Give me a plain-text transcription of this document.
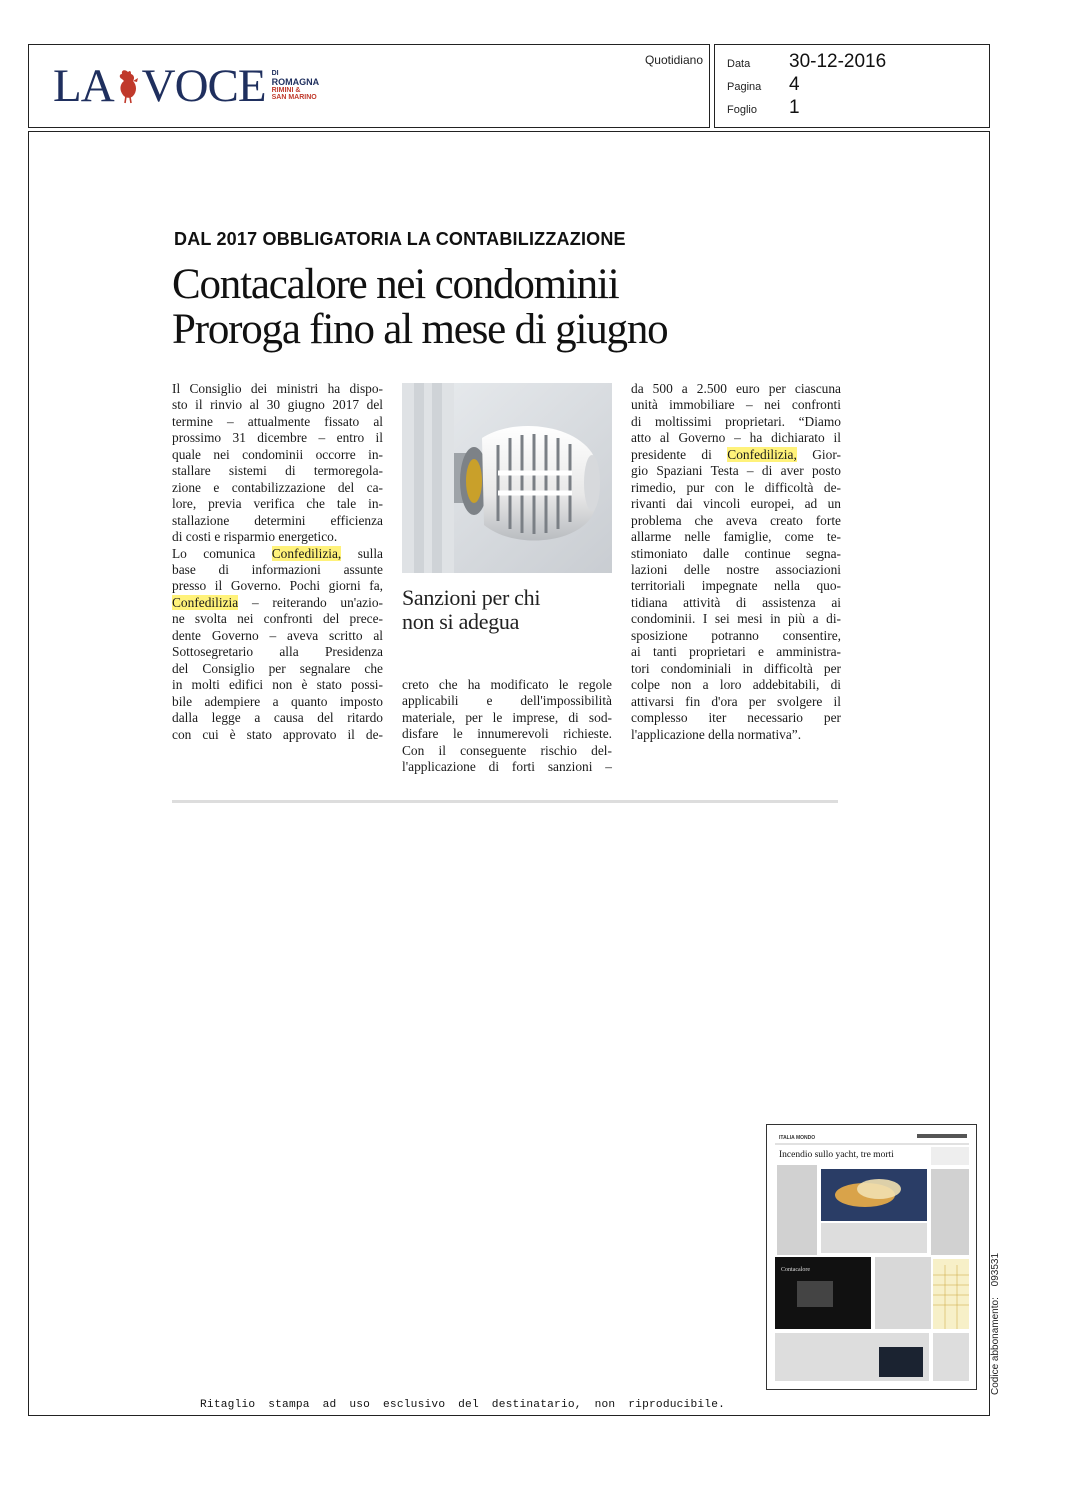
LA VOCE DI
ROMAGNA
RIMINI &
SAN MARINO
Quotidiano Data	30-12-2016
Pagina	4
Foglio	1
DAL 2017 OBBLIGATORIA LA CONTABILIZZAZIONE
Contacalore nei condominii
Proroga fino al mese di giugno
Il Consiglio dei ministri ha dispo-
sto il rinvio al 30 giugno 2017 del
termine – attualmente fissato al
prossimo 31 dicembre – entro il
quale nei condominii occorre in-
stallare sistemi di termoregola-
zione e contabilizzazione del ca-
lore, previa verifica che tale in-
stallazione determini efficienza
di costi e risparmio energetico.
Lo comunica Confedilizia, sulla
base di informazioni assunte
presso il Governo. Pochi giorni fa,
Confedilizia – reiterando un'azio-
ne svolta nei confronti del prece-
dente Governo – aveva scritto al
Sottosegretario alla Presidenza
del Consiglio per segnalare che
in molti edifici non è stato possi-
bile adempiere a quanto imposto
dalla legge a causa del ritardo
con cui è stato approvato il de-
Sanzioni per chi
non si adegua
creto che ha modificato le regole
applicabili e dell'impossibilità
materiale, per le imprese, di sod-
disfare le innumerevoli richieste.
Con il conseguente rischio del-
l'applicazione di forti sanzioni –
da 500 a 2.500 euro per ciascuna
unità immobiliare – nei confronti
di moltissimi proprietari. “Diamo
atto al Governo – ha dichiarato il
presidente di Confedilizia, Gior-
gio Spaziani Testa – di aver posto
rimedio, pur con le difficoltà de-
rivanti dai vincoli europei, ad un
problema che aveva creato forte
allarme nelle famiglie, come te-
stimoniato dalle continue segna-
lazioni delle nostre associazioni
territoriali impegnate nella quo-
tidiana attività di assistenza ai
condominii. I sei mesi in più a di-
sposizione potranno consentire,
ai tanti proprietari e amministra-
tori condominiali in difficoltà per
colpe non a loro addebitabili, di
attivarsi fin d'ora per svolgere il
complesso iter necessario per
l'applicazione della normativa”.
ITALIA MONDO
Incendio sullo yacht, tre morti
Contacalore
Ritaglio stampa ad uso esclusivo del destinatario, non riproducibile.
Codice abbonamento: 093531
